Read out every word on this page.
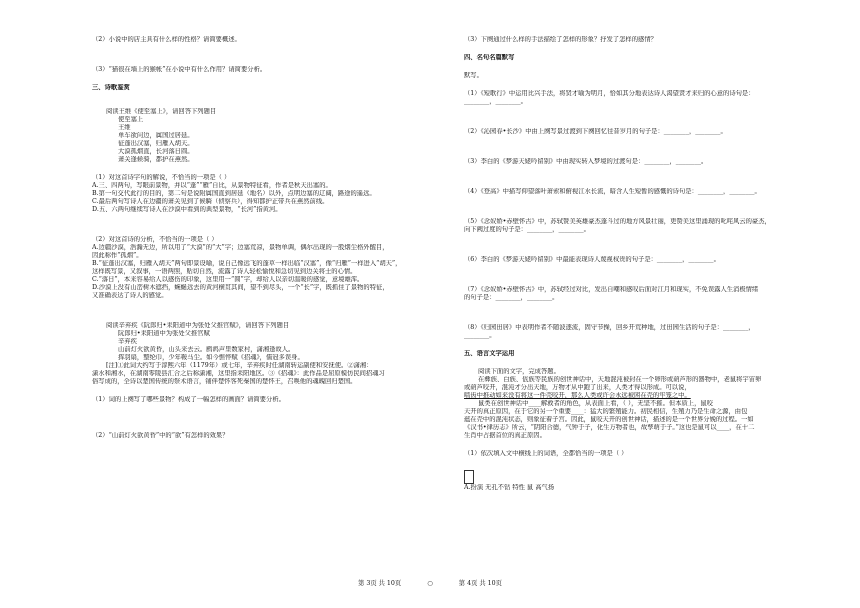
（2）小说中的店主具有什么样的性格？请简要概述。
（3）“猫很在墙上的猴帐”在小说中有什么作用？请简要分析。
三、诗歌鉴赏
阅读王维《使至塞上》，请回答下列题目
使至塞上
王维
单车欲问边，属国过居延。
征蓬出汉塞，归雁入胡天。
大漠孤烟直，长河落日圆。
萧关逢候骑，都护在燕然。
（1）对这首诗字句的解说，不恰当的一项是（ ）
A.三、四两句，写眼前景物，并以“蓬”“雁”自比，从景物特征看，作者是秋天出塞的。
B.第一句交代此行的目的，第二句是说附属国直到居延（地名）以外，点明边塞的辽阔，路途的遥远。
C.最后两句写诗人在边疆的萧关见到了候騎（侦察兵），得知都护正带兵在燕然前线。
D.五、六两句继续写诗人在沙漠中看到的典型景物，“长河”指黄河。
（2）对这首诗的分析，不恰当的一项是（ ）
A.边疆沙漠，浩瀚无边，所以用了“大漠”的“大”字；边塞荒凉，景物单调，偶尔出现的一股烟尘格外醒目，
因此称作“孤烟”。
B.“征蓬出汉塞，归雁入胡天”两句即景设喻，说自己像远飞的蓬草一样出临“汉塞”，像“归雁”一样进入“胡天”，
这样既写景，又叙事，一语两照，贴切自然，流露了诗人轻松愉悦和急切见到边关将士的心情。
C.“落日”，本来容易给人以感伤的印象，这里用一“圆”字，却给人以亲切温暖的感觉，意境雄浑。
D.沙漠上没有山峦树木遮挡，蜿蜒远去的黄河横贯其间，望不到尽头，一个“长”字，既抓住了景物的特征，
又准确表达了诗人的感觉。
阅读辛弃疾《阮郎归•耒阳道中为张处父推官赋》，请回答下列题目
阮郎归•耒阳道中为张处父推官赋
辛弃疾
山前灯火欲黄昏，山头来去云。鹧鸪声里数家村，潇湘逢故人。
挥羽扇，整纶巾，少年鞍马尘。如今憔悴赋《招魂》，儒冠多误身。
[注]①此词大约写于淳熙六年（1179年）或七年，辛弃疾时任湖南转运副使和安抚使。②潇湘：
潇水和湘水，在湖南零陵县汇合之后称潇湘，这里指耒阳地区。③《招魂》：此作品是屈原模仿民间招魂习
俗写成的，全诗以楚国传统的祭术语言，铺伴楚怀客死秦国的楚怀王，召唤他的魂魄回归楚国。
（1）词的上阕写了哪些景物？构成了一幅怎样的画面？请简要分析。
（2）“山前灯火欲黄昏”中的“欲”有怎样的效果？
（3）下阕通过什么样的手法描绘了怎样的形象？抒发了怎样的感情？
四、名句名篇默写
默写。
（1）《短歌行》中运用比兴手法，将贤才喻为明月，恰如其分地表达诗人渴望贤才来归的心意的诗句是：
________，________。
（2）《沁园春•长沙》中由上阕写景过渡到下阕回忆往昔岁月的句子是：________，________。
（3）李白的《梦游天姥吟留别》中由现实转入梦境的过渡句是：________，________。
（4）《登高》中描写仰望落叶萧索和俯视江水长流，暗含人生短暂的感慨的诗句是：________，________。
（5）《念奴娇•赤壁怀古》中，苏轼赞美英雄豪杰蓬斗过的地方风景壮丽，更赞美这里涌现的叱咤风云的豪杰，
向下阙过度的句子是：________，________。
（6）李白的《梦游天姥吟留别》中最能表现诗人蔑视权贵的句子是：________，________。
（7）《念奴娇•赤壁怀古》中，苏轼经过对比，发出自嘲和感叹后面对江月和现实，不免误露人生消极情绪
的句子是：________，________。
（8）《归园田居》中表明作者不随波逐流，固守节操，回乡开荒种地，过田园生活的句子是：________，
________。
五、语言文字运用
阅读下面的文字，完成答题。
在彝族、白族、佤族等民族的创世神话中，天地混沌被封在一个卵形或葫芦形的器物中，老鼠将宇宙卵
或葫芦咬开，混沌才分出天地，万物才从中跑了出来，人类才得以形成。可以说，
啮齿中推动如来没有将这一件壳咬开，那么人类或许会永远被困在壳的牢笼之中。
鼠类在创世神话中____解救者的角色，从表面上看，（ ），无坚不摧。但本质上，鼠咬
天开的真正原因，在于它的另一个重要____：猛大的繁殖能力。初民相信，生殖力乃是生命之源，由包
蕴在壳中的混沌状态，则象征着子宫。因此，鼠咬天开的创世神话，描述的是一个世界分娩的过程。一如
《汉书•律历志》所云，“阴阳合德，气钟于子，化生万物者也，故孳萌于子。”这也是鼠可以____，在十二
生肖中占据首位的真正原因。
（1）依次填入文中横线上的词语，全都恰当的一项是（ ）
A.扮演 无孔不钻 特性 鼠 高气扬
第 3页 共 10页	○	第 4页 共 10页
